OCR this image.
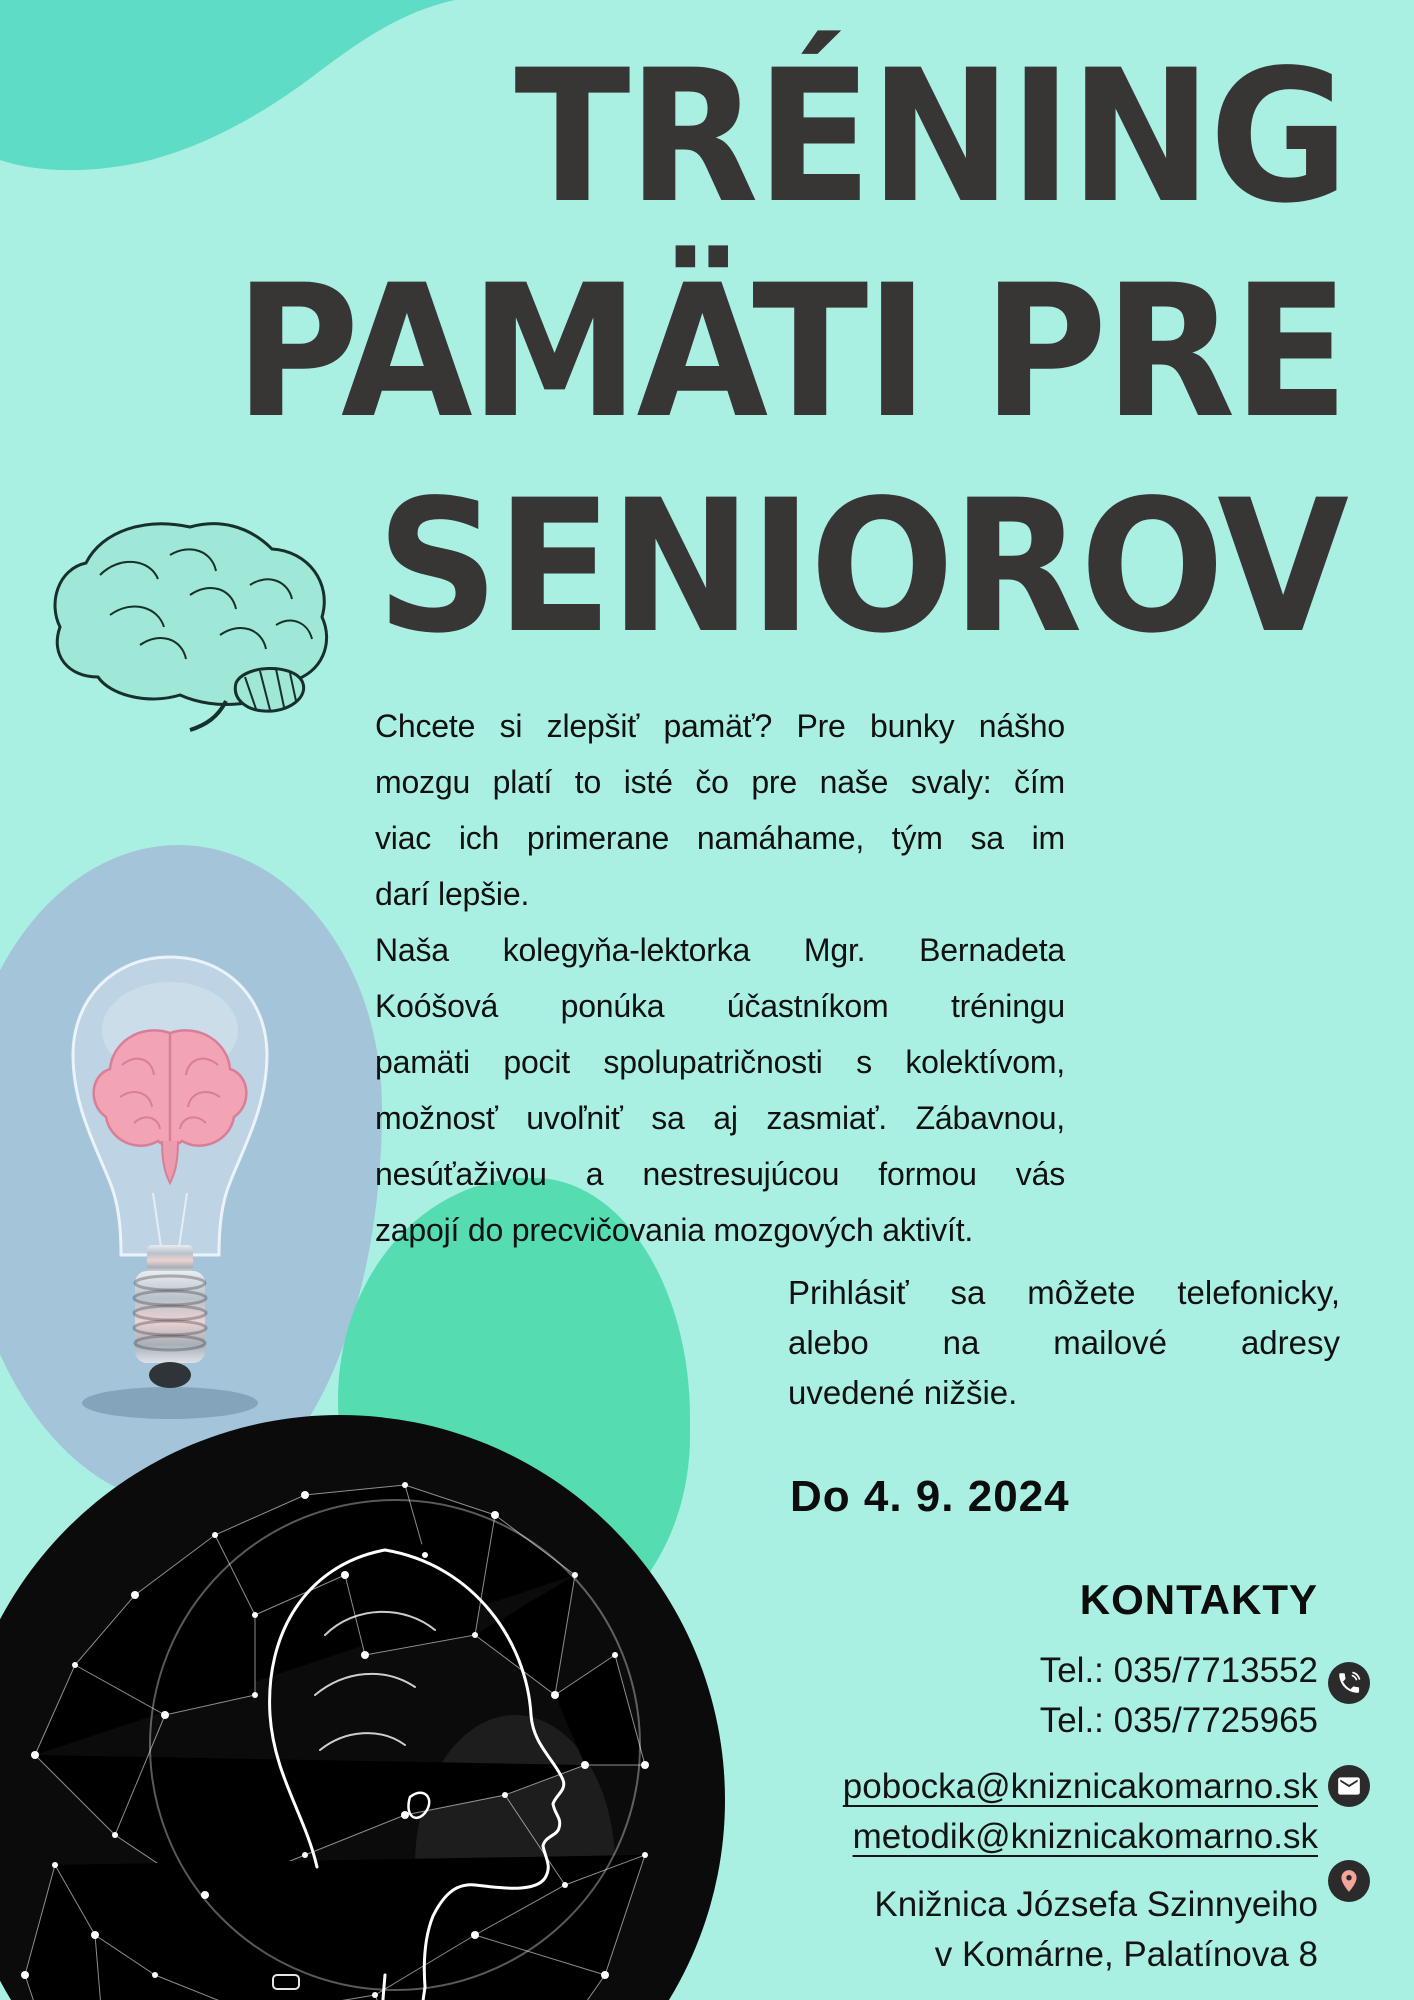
TRÉNING
PAMÄTI PRE
SENIOROV
Chcete si zlepšiť pamäť? Pre bunky nášho
mozgu platí to isté čo pre naše svaly: čím
viac ich primerane namáhame, tým sa im
darí lepšie.
Naša kolegyňa-lektorka Mgr. Bernadeta
Koóšová ponúka účastníkom tréningu
pamäti pocit spolupatričnosti s kolektívom,
možnosť uvoľniť sa aj zasmiať. Zábavnou,
nesúťaživou a nestresujúcou formou vás
zapojí do precvičovania mozgových aktivít.
Prihlásiť sa môžete telefonicky,
alebo na mailové adresy
uvedené nižšie.
Do 4. 9. 2024
KONTAKTY
Tel.: 035/7713552
Tel.: 035/7725965
pobocka@kniznicakomarno.sk
metodik@kniznicakomarno.sk
Knižnica Józsefa Szinnyeiho
v Komárne, Palatínova 8
